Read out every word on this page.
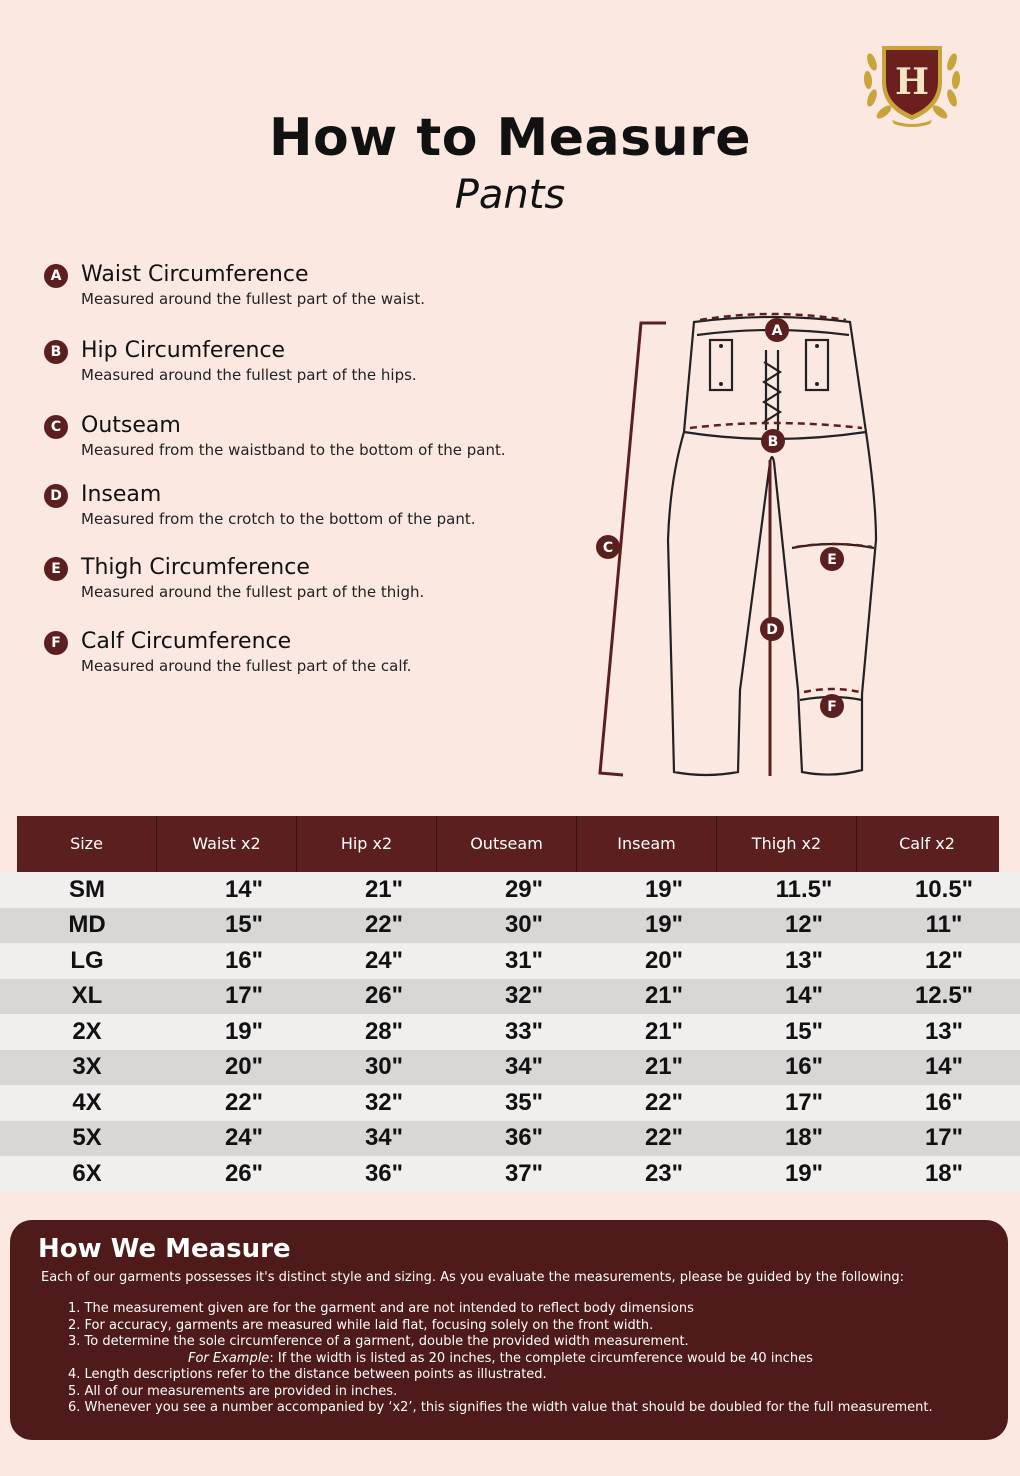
H
How to Measure
Pants
A Waist Circumference
Measured around the fullest part of the waist.
B Hip Circumference
Measured around the fullest part of the hips.
C Outseam
Measured from the waistband to the bottom of the pant.
D Inseam
Measured from the crotch to the bottom of the pant.
E Thigh Circumference
Measured around the fullest part of the thigh.
F Calf Circumference
Measured around the fullest part of the calf.
A
B
C
D
E
F
Size	Waist x2	Hip x2	Outseam	Inseam	Thigh x2	Calf x2
SM	14"	21"	29"	19"	11.5"	10.5"
MD	15"	22"	30"	19"	12"	11"
LG	16"	24"	31"	20"	13"	12"
XL	17"	26"	32"	21"	14"	12.5"
2X	19"	28"	33"	21"	15"	13"
3X	20"	30"	34"	21"	16"	14"
4X	22"	32"	35"	22"	17"	16"
5X	24"	34"	36"	22"	18"	17"
6X	26"	36"	37"	23"	19"	18"
How We Measure
Each of our garments possesses it's distinct style and sizing. As you evaluate the measurements, please be guided by the following:
1. The measurement given are for the garment and are not intended to reflect body dimensions
2. For accuracy, garments are measured while laid flat, focusing solely on the front width.
3. To determine the sole circumference of a garment, double the provided width measurement.
For Example: If the width is listed as 20 inches, the complete circumference would be 40 inches
4. Length descriptions refer to the distance between points as illustrated.
5. All of our measurements are provided in inches.
6. Whenever you see a number accompanied by ‘x2’, this signifies the width value that should be doubled for the full measurement.
